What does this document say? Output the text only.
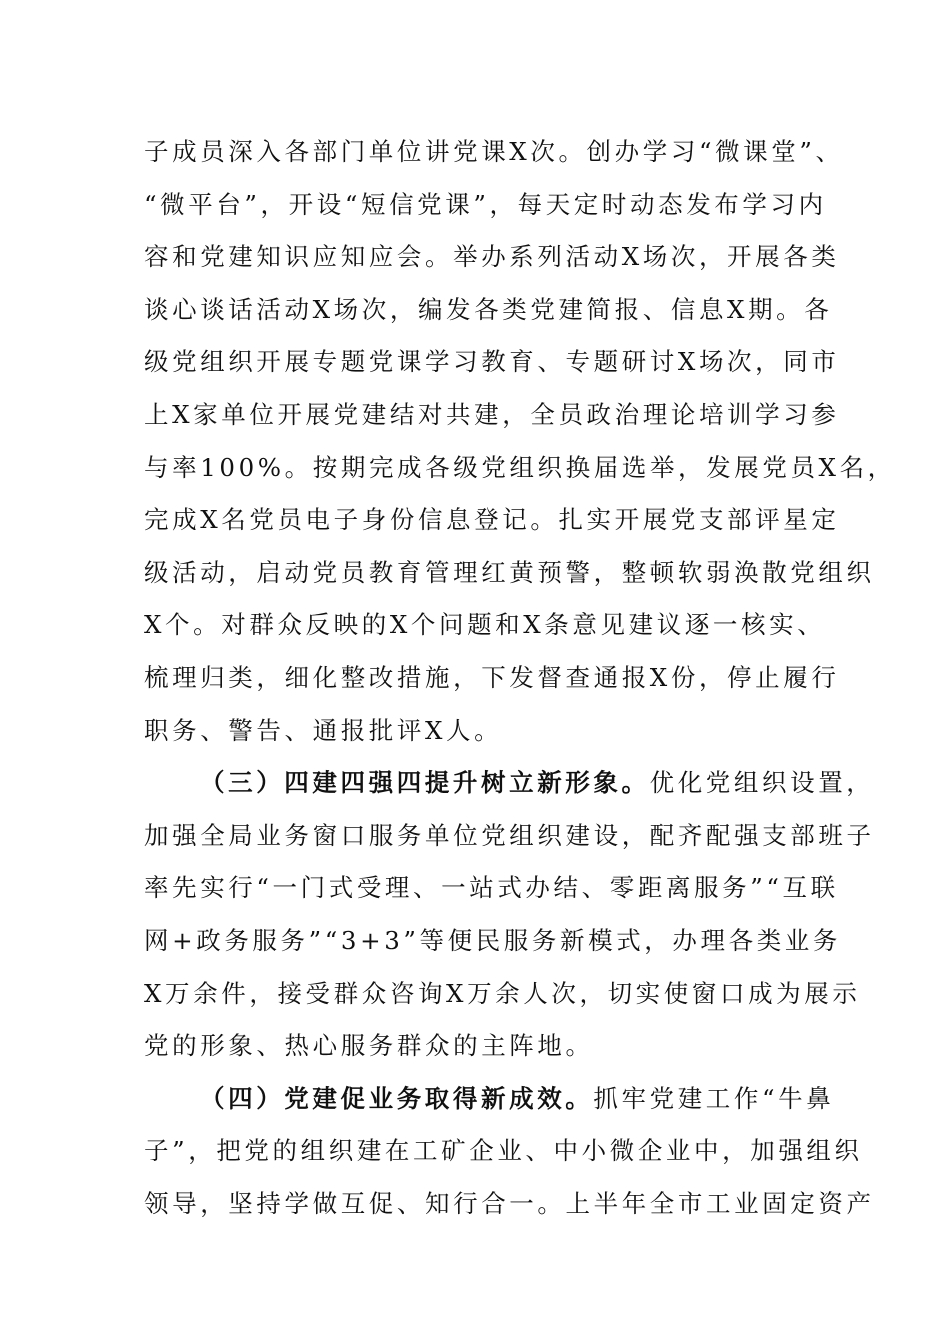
子成员深入各部门单位讲党课X次。创办学习“微课堂”、
“微平台”，开设“短信党课”，每天定时动态发布学习内
容和党建知识应知应会。举办系列活动X场次，开展各类
谈心谈话活动X场次，编发各类党建简报、信息X期。各
级党组织开展专题党课学习教育、专题研讨X场次，同市
上X家单位开展党建结对共建，全员政治理论培训学习参
与率100%。按期完成各级党组织换届选举，发展党员X名，
完成X名党员电子身份信息登记。扎实开展党支部评星定
级活动，启动党员教育管理红黄预警，整顿软弱涣散党组织
X个。对群众反映的X个问题和X条意见建议逐一核实、
梳理归类，细化整改措施，下发督查通报X份，停止履行
职务、警告、通报批评X人。
（三）四建四强四提升树立新形象。优化党组织设置，
加强全局业务窗口服务单位党组织建设，配齐配强支部班子
率先实行“一门式受理、一站式办结、零距离服务”“互联
网+政务服务”“3+3”等便民服务新模式，办理各类业务
X万余件，接受群众咨询X万余人次，切实使窗口成为展示
党的形象、热心服务群众的主阵地。
（四）党建促业务取得新成效。抓牢党建工作“牛鼻
子”，把党的组织建在工矿企业、中小微企业中，加强组织
领导，坚持学做互促、知行合一。上半年全市工业固定资产
